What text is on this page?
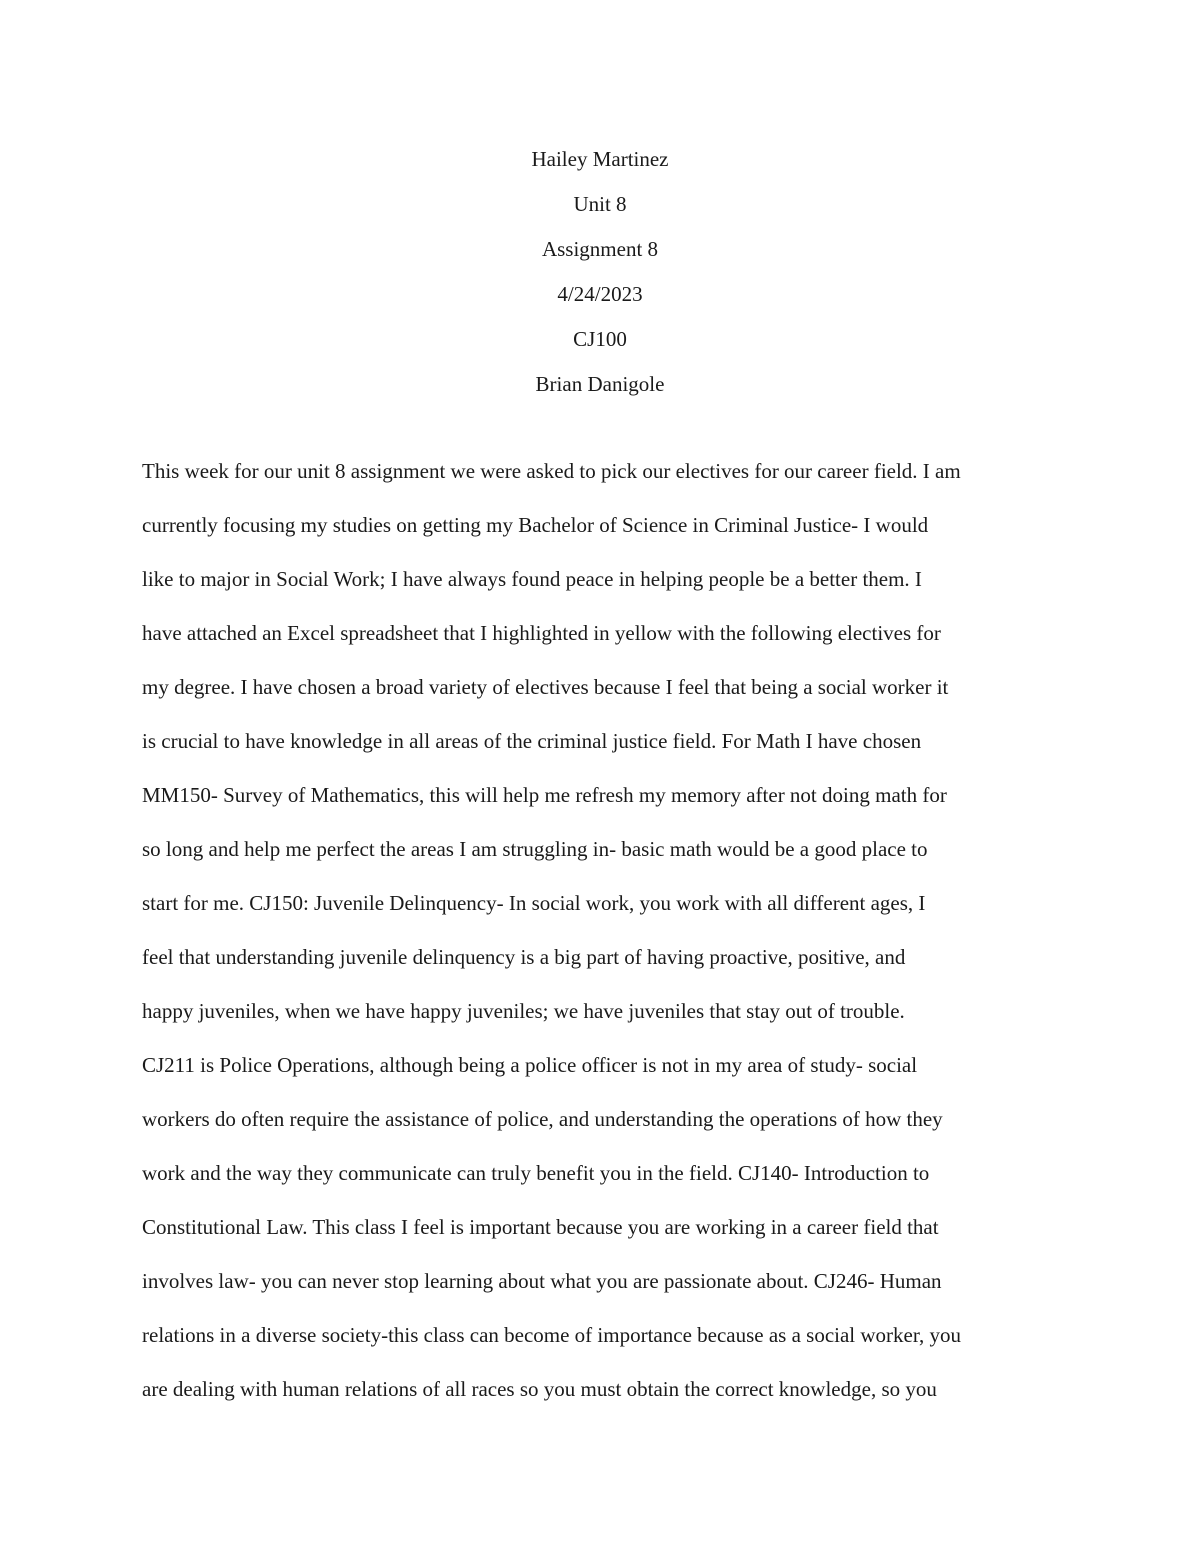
Hailey Martinez
Unit 8
Assignment 8
4/24/2023
CJ100
Brian Danigole
This week for our unit 8 assignment we were asked to pick our electives for our career field. I am
currently focusing my studies on getting my Bachelor of Science in Criminal Justice- I would
like to major in Social Work; I have always found peace in helping people be a better them. I
have attached an Excel spreadsheet that I highlighted in yellow with the following electives for
my degree. I have chosen a broad variety of electives because I feel that being a social worker it
is crucial to have knowledge in all areas of the criminal justice field. For Math I have chosen
MM150- Survey of Mathematics, this will help me refresh my memory after not doing math for
so long and help me perfect the areas I am struggling in- basic math would be a good place to
start for me. CJ150: Juvenile Delinquency- In social work, you work with all different ages, I
feel that understanding juvenile delinquency is a big part of having proactive, positive, and
happy juveniles, when we have happy juveniles; we have juveniles that stay out of trouble.
CJ211 is Police Operations, although being a police officer is not in my area of study- social
workers do often require the assistance of police, and understanding the operations of how they
work and the way they communicate can truly benefit you in the field. CJ140- Introduction to
Constitutional Law. This class I feel is important because you are working in a career field that
involves law- you can never stop learning about what you are passionate about. CJ246- Human
relations in a diverse society-this class can become of importance because as a social worker, you
are dealing with human relations of all races so you must obtain the correct knowledge, so you
